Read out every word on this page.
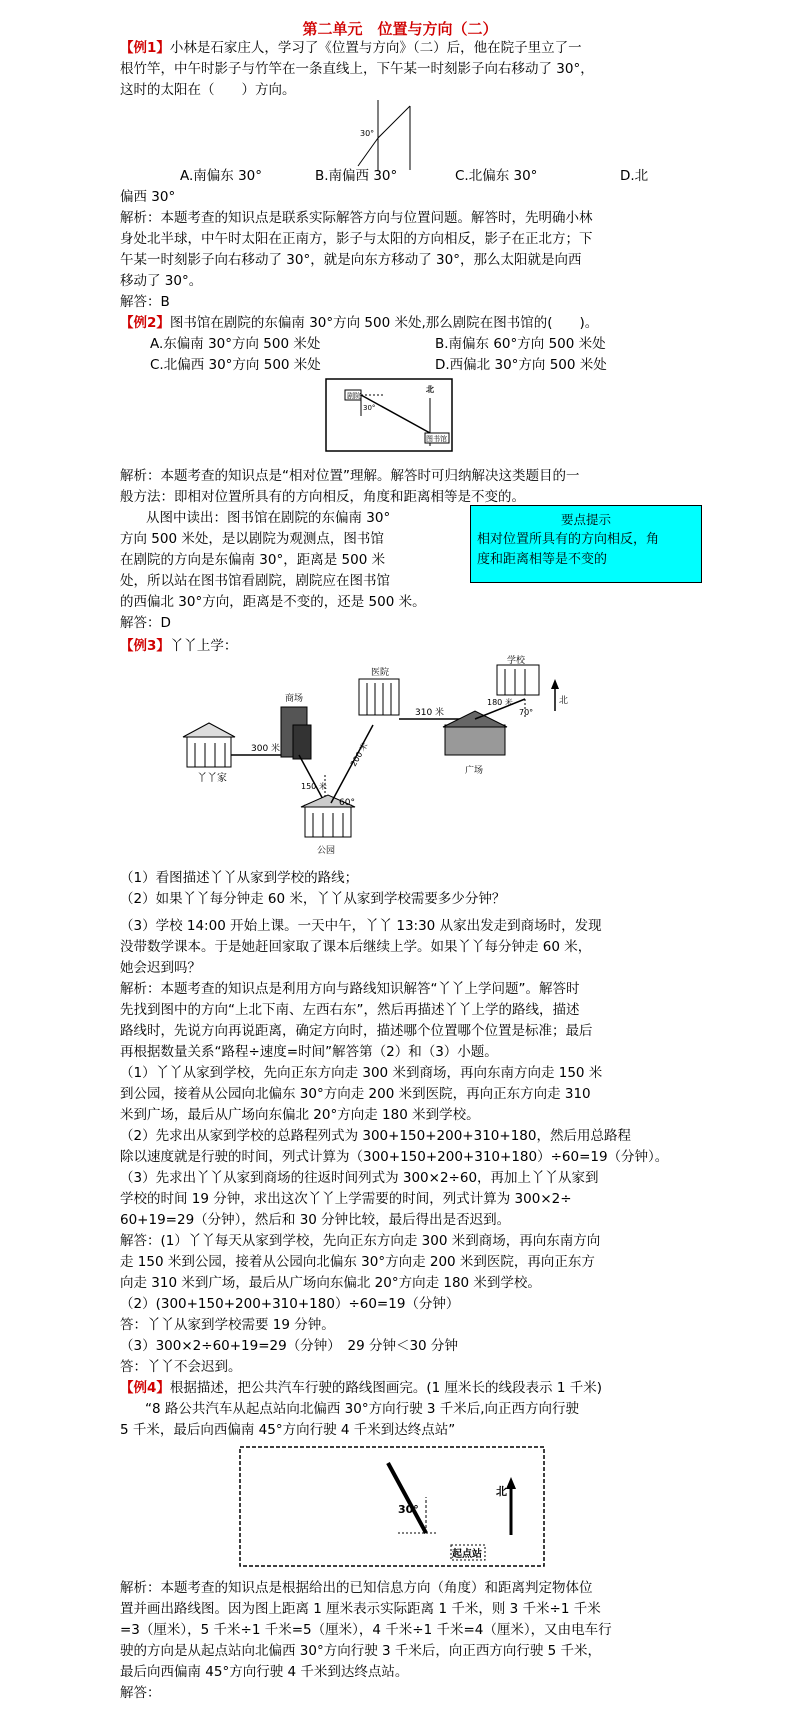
第二单元　位置与方向（二）
【例1】小林是石家庄人，学习了《位置与方向》（二）后，他在院子里立了一
根竹竿，中午时影子与竹竿在一条直线上，下午某一时刻影子向右移动了 30°，
这时的太阳在（　　）方向。
30°
A.南偏东 30°	B.南偏西 30°	C.北偏东 30°	D.北
偏西 30°
解析：本题考查的知识点是联系实际解答方向与位置问题。解答时，先明确小林
身处北半球，中午时太阳在正南方，影子与太阳的方向相反，影子在正北方；下
午某一时刻影子向右移动了 30°，就是向东方移动了 30°，那么太阳就是向西
移动了 30°。
解答：B
【例2】图书馆在剧院的东偏南 30°方向 500 米处,那么剧院在图书馆的(　　)。
A.东偏南 30°方向 500 米处	B.南偏东 60°方向 500 米处
C.北偏西 30°方向 500 米处	D.西偏北 30°方向 500 米处
剧院
30°
北
图书馆
解析：本题考查的知识点是“相对位置”理解。解答时可归纳解决这类题目的一
般方法：即相对位置所具有的方向相反，角度和距离相等是不变的。
从图中读出：图书馆在剧院的东偏南 30°
方向 500 米处，是以剧院为观测点，图书馆
在剧院的方向是东偏南 30°，距离是 500 米
处，所以站在图书馆看剧院，剧院应在图书馆
的西偏北 30°方向，距离是不变的，还是 500 米。
解答：D
要点提示
相对位置所具有的方向相反，角
度和距离相等是不变的
【例3】丫丫上学：
丫丫家
300 米
商场
150 米
公园
200 米
60°
医院
310 米
广场
180 米
70°
学校
北
（1）看图描述丫丫从家到学校的路线；
（2）如果丫丫每分钟走 60 米，丫丫从家到学校需要多少分钟？
（3）学校 14:00 开始上课。一天中午，丫丫 13:30 从家出发走到商场时，发现
没带数学课本。于是她赶回家取了课本后继续上学。如果丫丫每分钟走 60 米，
她会迟到吗？
解析：本题考查的知识点是利用方向与路线知识解答“丫丫上学问题”。解答时
先找到图中的方向“上北下南、左西右东”，然后再描述丫丫上学的路线，描述
路线时，先说方向再说距离，确定方向时，描述哪个位置哪个位置是标准；最后
再根据数量关系“路程÷速度=时间”解答第（2）和（3）小题。
（1）丫丫从家到学校，先向正东方向走 300 米到商场，再向东南方向走 150 米
到公园，接着从公园向北偏东 30°方向走 200 米到医院，再向正东方向走 310
米到广场，最后从广场向东偏北 20°方向走 180 米到学校。
（2）先求出从家到学校的总路程列式为 300+150+200+310+180，然后用总路程
除以速度就是行驶的时间，列式计算为（300+150+200+310+180）÷60=19（分钟）。
（3）先求出丫丫从家到商场的往返时间列式为 300×2÷60，再加上丫丫从家到
学校的时间 19 分钟，求出这次丫丫上学需要的时间，列式计算为 300×2÷
60+19=29（分钟），然后和 30 分钟比较，最后得出是否迟到。
解答：(1）丫丫每天从家到学校，先向正东方向走 300 米到商场，再向东南方向
走 150 米到公园，接着从公园向北偏东 30°方向走 200 米到医院，再向正东方
向走 310 米到广场，最后从广场向东偏北 20°方向走 180 米到学校。
（2）(300+150+200+310+180）÷60=19（分钟）
答：丫丫从家到学校需要 19 分钟。
（3）300×2÷60+19=29（分钟）　29 分钟＜30 分钟
答：丫丫不会迟到。
【例4】根据描述，把公共汽车行驶的路线图画完。(1 厘米长的线段表示 1 千米)
“8 路公共汽车从起点站向北偏西 30°方向行驶 3 千米后,向正西方向行驶
5 千米，最后向西偏南 45°方向行驶 4 千米到达终点站”
30°
起点站
北
解析：本题考查的知识点是根据给出的已知信息方向（角度）和距离判定物体位
置并画出路线图。因为图上距离 1 厘米表示实际距离 1 千米，则 3 千米÷1 千米
=3（厘米），5 千米÷1 千米=5（厘米），4 千米÷1 千米=4（厘米），又由电车行
驶的方向是从起点站向北偏西 30°方向行驶 3 千米后，向正西方向行驶 5 千米，
最后向西偏南 45°方向行驶 4 千米到达终点站。
解答：
